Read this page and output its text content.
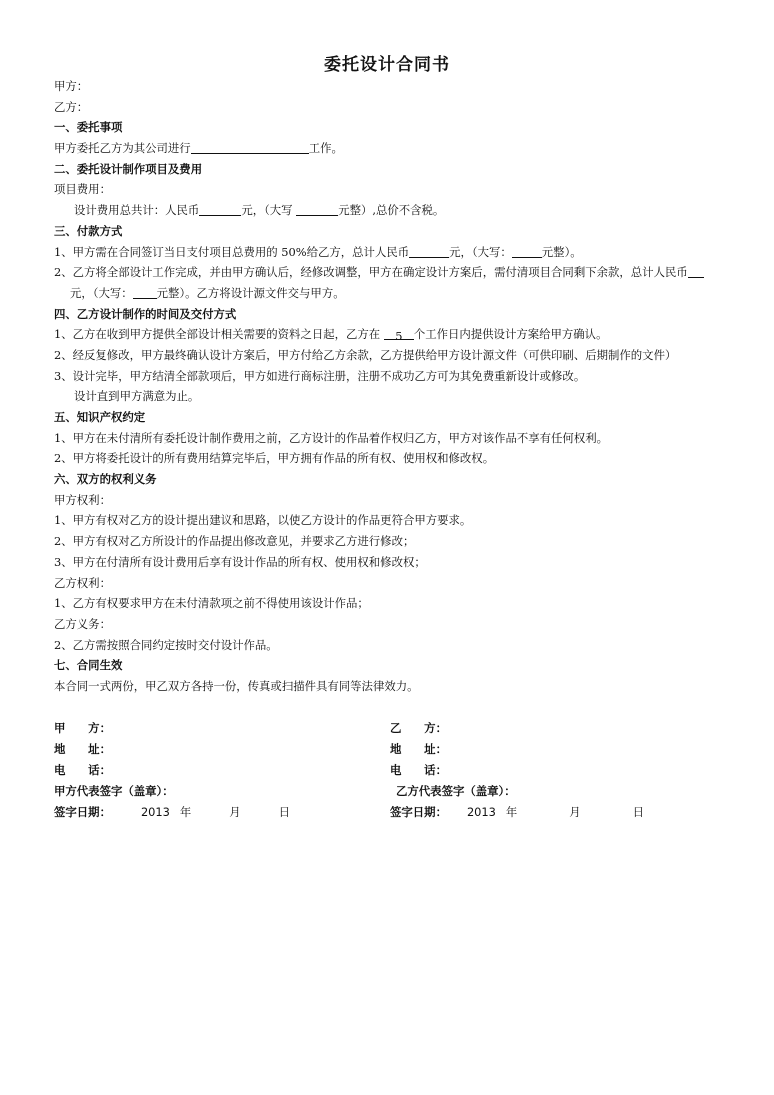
委托设计合同书
甲方：
乙方：
一、委托事项
甲方委托乙方为其公司进行	工作。
二、委托设计制作项目及费用
项目费用：
设计费用总共计：人民币	元，（大写	元整）,总价不含税。
三、付款方式
1、甲方需在合同签订当日支付项目总费用的 50%给乙方，总计人民币	元，（大写：	元整）。
2、乙方将全部设计工作完成，并由甲方确认后，经修改调整，甲方在确定设计方案后，需付清项目合同剩下余款，总计人民币
元，（大写： 元整）。乙方将设计源文件交与甲方。
四、乙方设计制作的时间及交付方式
1、乙方在收到甲方提供全部设计相关需要的资料之日起，乙方在 5 个工作日内提供设计方案给甲方确认。
2、经反复修改，甲方最终确认设计方案后，甲方付给乙方余款，乙方提供给甲方设计源文件（可供印刷、后期制作的文件）
3、设计完毕，甲方结清全部款项后，甲方如进行商标注册，注册不成功乙方可为其免费重新设计或修改。
设计直到甲方满意为止。
五、知识产权约定
1、甲方在未付清所有委托设计制作费用之前，乙方设计的作品着作权归乙方，甲方对该作品不享有任何权利。
2、甲方将委托设计的所有费用结算完毕后，甲方拥有作品的所有权、使用权和修改权。
六、双方的权利义务
甲方权利：
1、甲方有权对乙方的设计提出建议和思路，以使乙方设计的作品更符合甲方要求。
2、甲方有权对乙方所设计的作品提出修改意见，并要求乙方进行修改；
3、甲方在付清所有设计费用后享有设计作品的所有权、使用权和修改权；
乙方权利：
1、乙方有权要求甲方在未付清款项之前不得使用该设计作品；
乙方义务：
2、乙方需按照合同约定按时交付设计作品。
七、合同生效
本合同一式两份，甲乙双方各持一份，传真或扫描件具有同等法律效力。
甲　　方：	乙　　方：
地　　址：	地　　址：
电　　话：	电　　话：
甲方代表签字（盖章）：	乙方代表签字（盖章）：
签字日期：	2013 年	月	日	签字日期： 2013 年	月	日
